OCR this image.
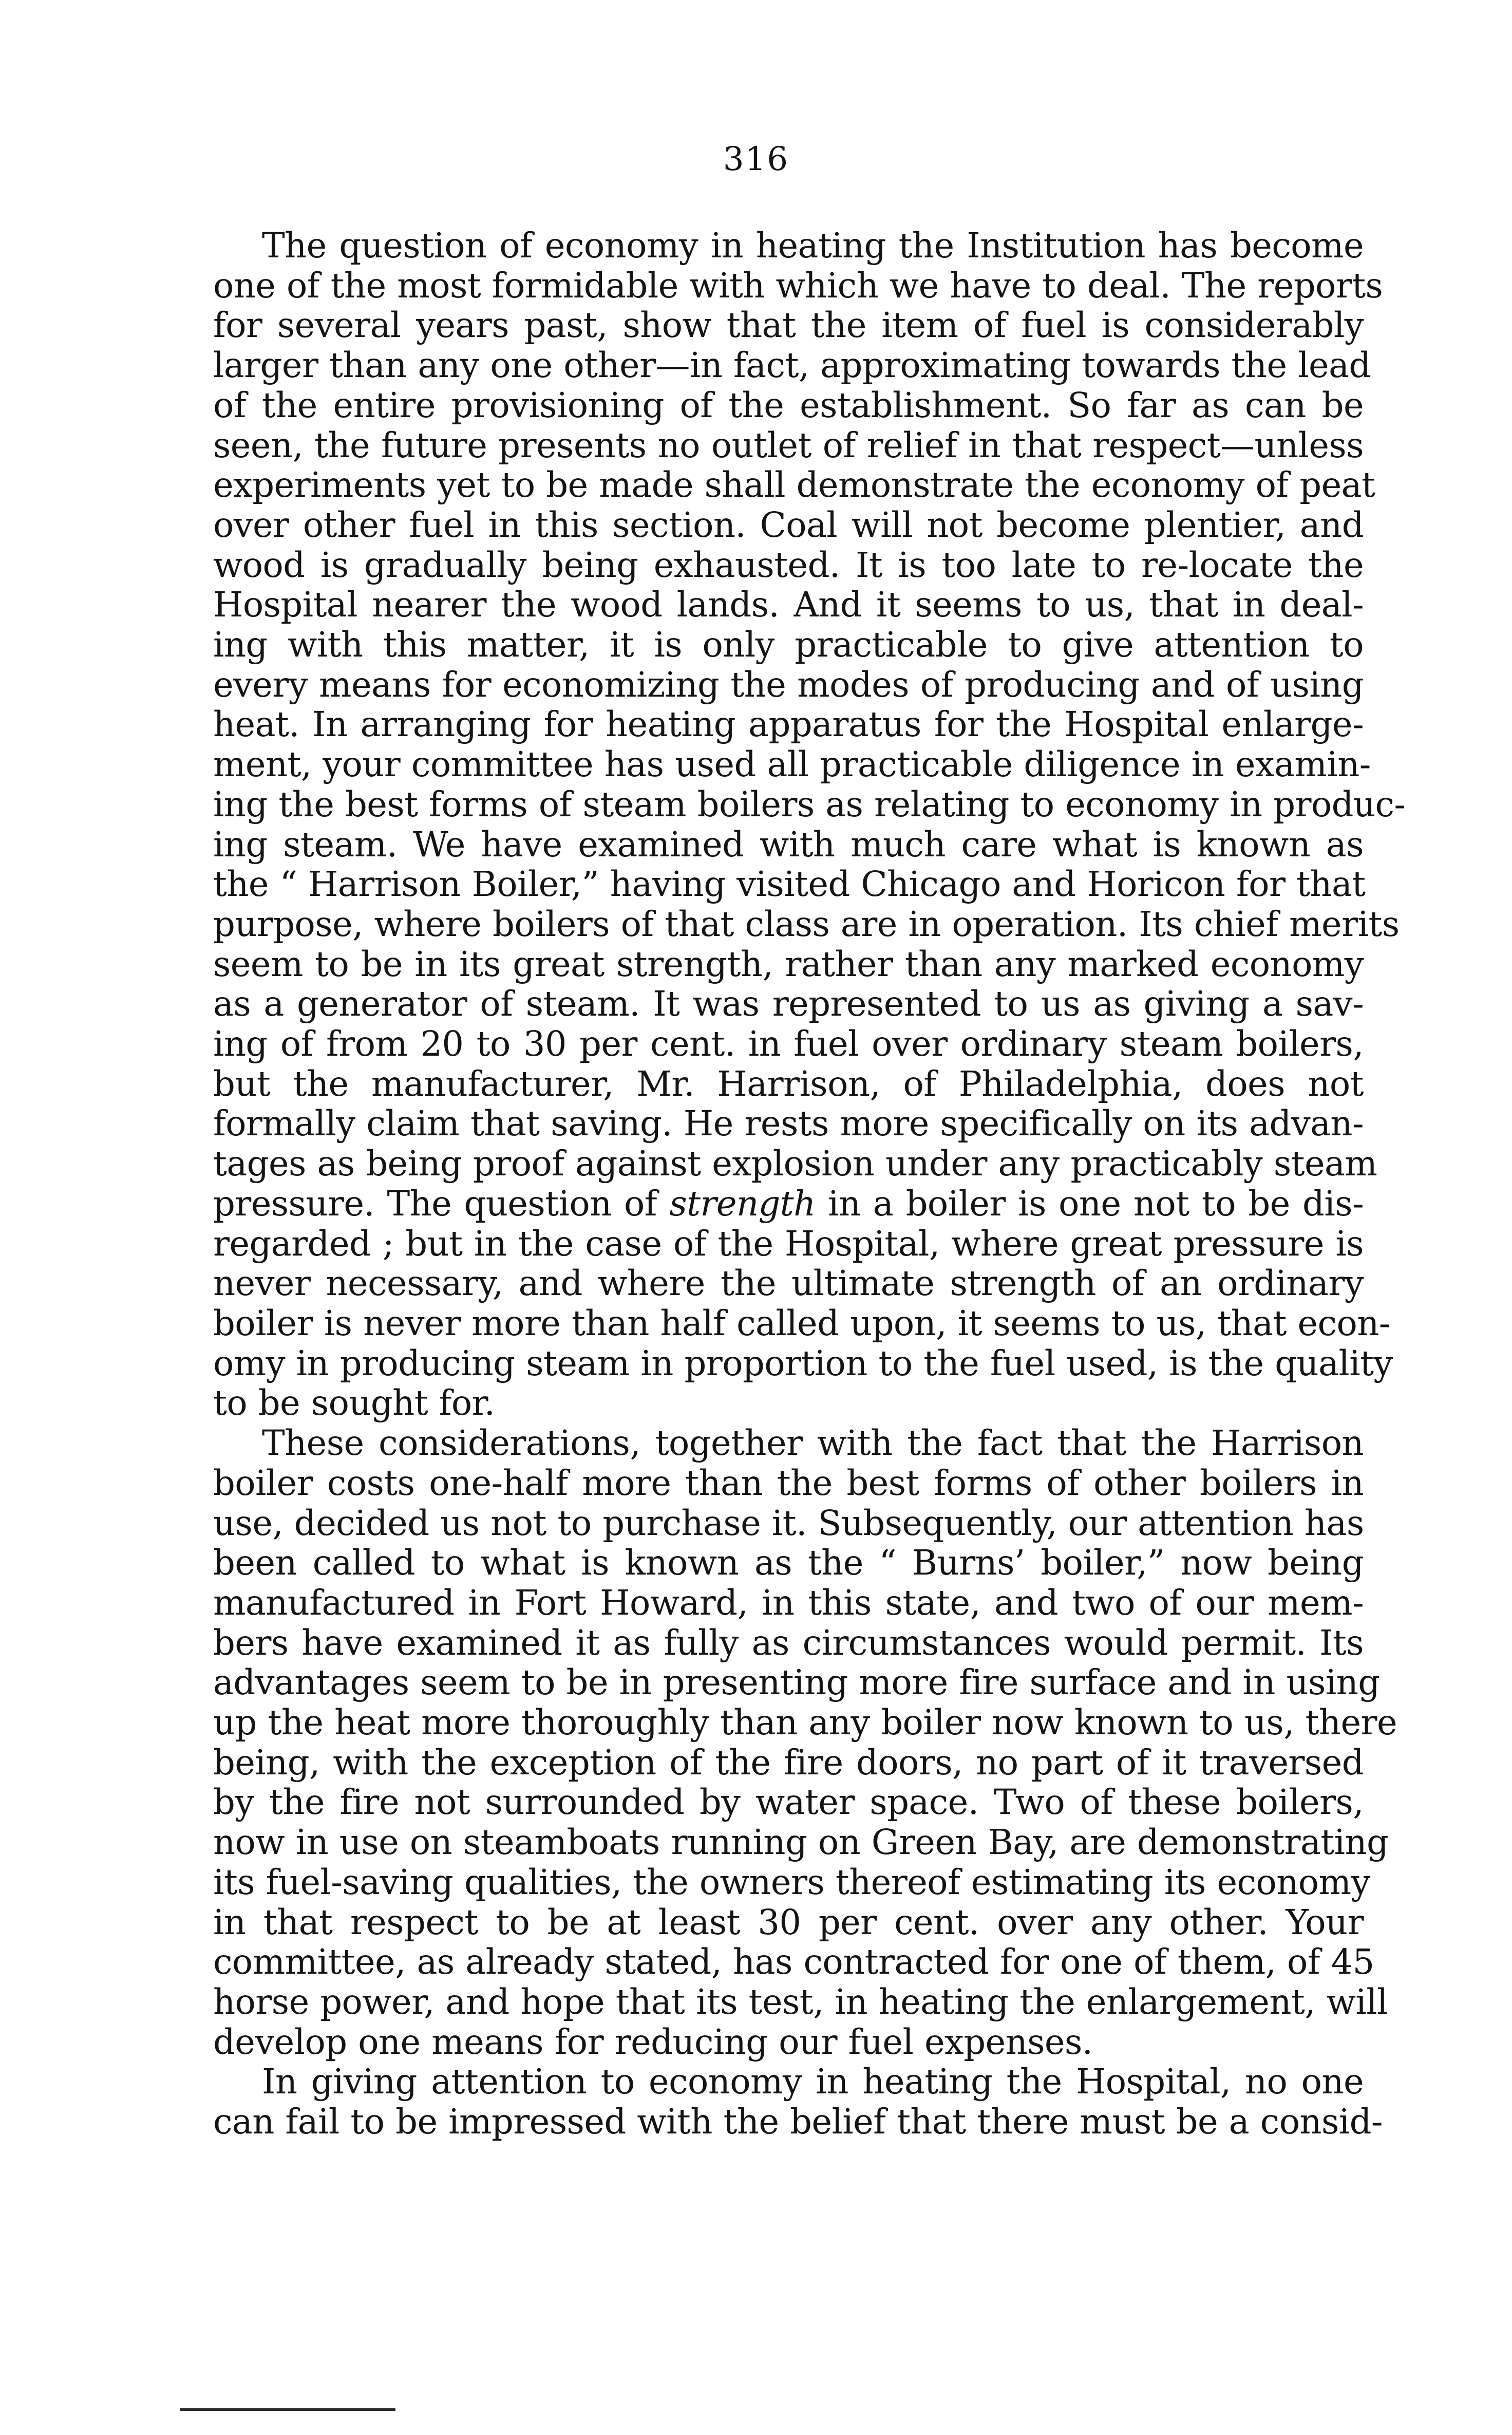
316
The question of economy in heating the Institution has become
one of the most formidable with which we have to deal. The reports
for several years past, show that the item of fuel is considerably
larger than any one other—in fact, approximating towards the lead
of the entire provisioning of the establishment. So far as can be
seen, the future presents no outlet of relief in that respect—unless
experiments yet to be made shall demonstrate the economy of peat
over other fuel in this section. Coal will not become plentier, and
wood is gradually being exhausted. It is too late to re-locate the
Hospital nearer the wood lands. And it seems to us, that in deal-
ing with this matter, it is only practicable to give attention to
every means for economizing the modes of producing and of using
heat. In arranging for heating apparatus for the Hospital enlarge-
ment, your committee has used all practicable diligence in examin-
ing the best forms of steam boilers as relating to economy in produc-
ing steam. We have examined with much care what is known as
the “ Harrison Boiler,” having visited Chicago and Horicon for that
purpose, where boilers of that class are in operation. Its chief merits
seem to be in its great strength, rather than any marked economy
as a generator of steam. It was represented to us as giving a sav-
ing of from 20 to 30 per cent. in fuel over ordinary steam boilers,
but the manufacturer, Mr. Harrison, of Philadelphia, does not
formally claim that saving. He rests more specifically on its advan-
tages as being proof against explosion under any practicably steam
pressure. The question of strength in a boiler is one not to be dis-
regarded ; but in the case of the Hospital, where great pressure is
never necessary, and where the ultimate strength of an ordinary
boiler is never more than half called upon, it seems to us, that econ-
omy in producing steam in proportion to the fuel used, is the quality
to be sought for.
These considerations, together with the fact that the Harrison
boiler costs one-half more than the best forms of other boilers in
use, decided us not to purchase it. Subsequently, our attention has
been called to what is known as the “ Burns’ boiler,” now being
manufactured in Fort Howard, in this state, and two of our mem-
bers have examined it as fully as circumstances would permit. Its
advantages seem to be in presenting more fire surface and in using
up the heat more thoroughly than any boiler now known to us, there
being, with the exception of the fire doors, no part of it traversed
by the fire not surrounded by water space. Two of these boilers,
now in use on steamboats running on Green Bay, are demonstrating
its fuel-saving qualities, the owners thereof estimating its economy
in that respect to be at least 30 per cent. over any other. Your
committee, as already stated, has contracted for one of them, of 45
horse power, and hope that its test, in heating the enlargement, will
develop one means for reducing our fuel expenses.
In giving attention to economy in heating the Hospital, no one
can fail to be impressed with the belief that there must be a consid-
